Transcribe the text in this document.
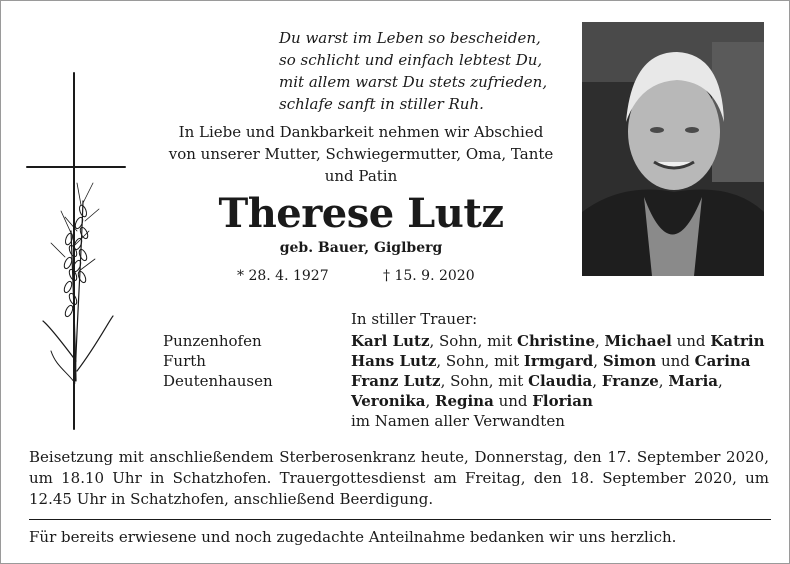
Du warst im Leben so bescheiden,
so schlicht und einfach lebtest Du,
mit allem warst Du stets zufrieden,
schlafe sanft in stiller Ruh.
In Liebe und Dankbarkeit nehmen wir Abschied
von unserer Mutter, Schwiegermutter, Oma, Tante
und Patin
Therese Lutz
geb. Bauer, Giglberg
* 28. 4. 1927	† 15. 9. 2020
In stiller Trauer:
Punzenhofen
Furth
Deutenhausen
Karl Lutz, Sohn, mit Christine, Michael und Katrin
Hans Lutz, Sohn, mit Irmgard, Simon und Carina
Franz Lutz, Sohn, mit Claudia, Franze, Maria,
Veronika, Regina und Florian
im Namen aller Verwandten
Beisetzung mit anschließendem Sterberosenkranz heute, Donnerstag, den 17. September 2020, um 18.10 Uhr in Schatzhofen. Trauergottesdienst am Freitag, den 18. September 2020, um 12.45 Uhr in Schatzhofen, anschließend Beerdigung.
Für bereits erwiesene und noch zugedachte Anteilnahme bedanken wir uns herzlich.
